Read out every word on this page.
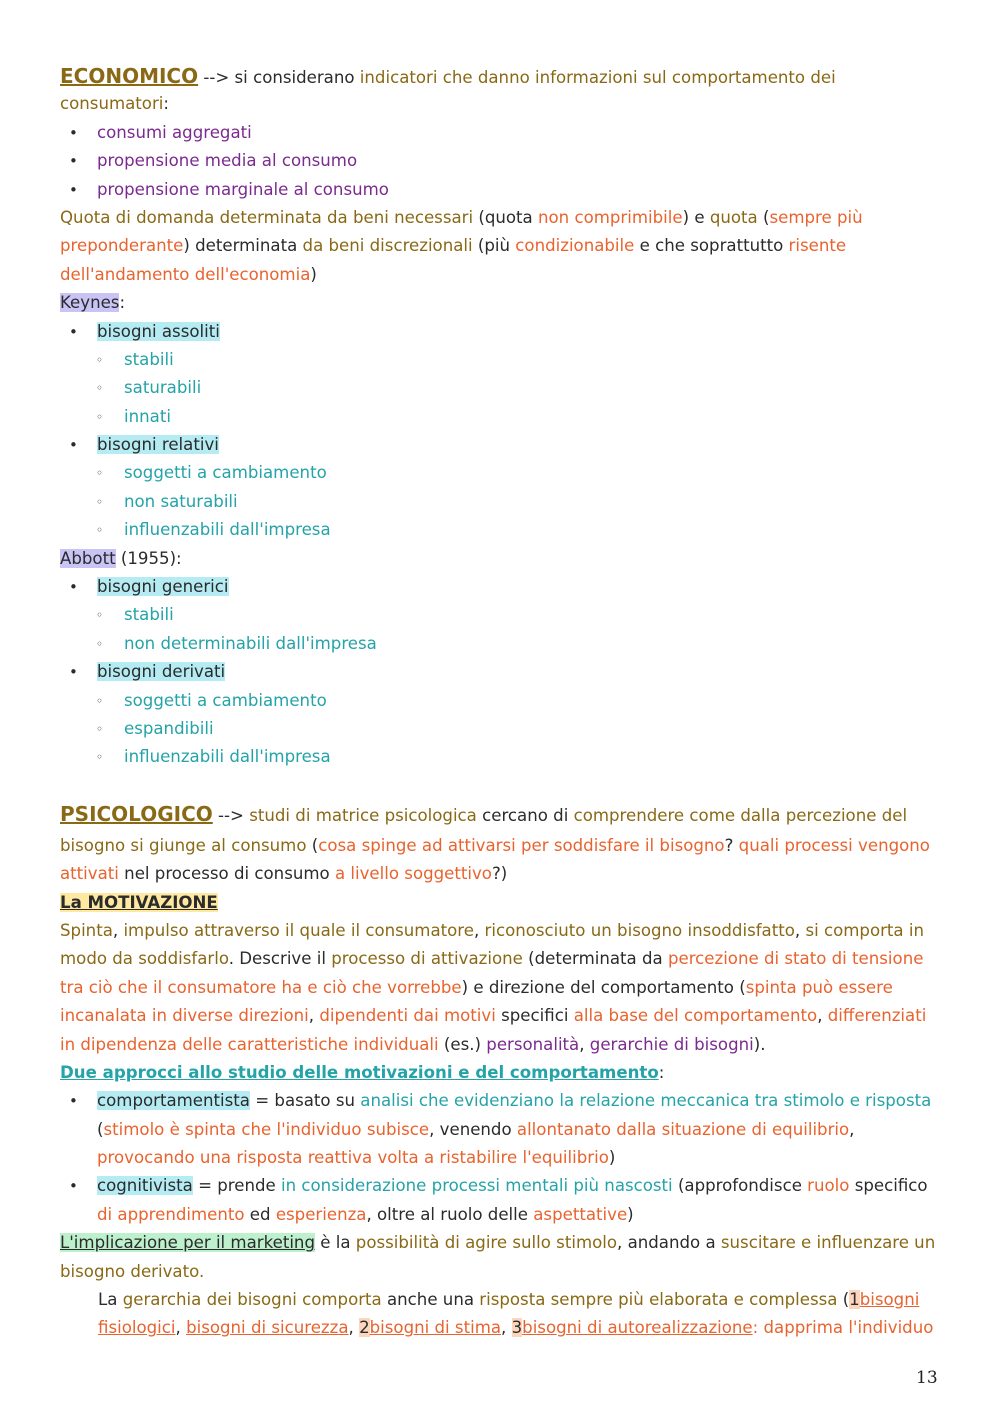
ECONOMICO --> si considerano indicatori che danno informazioni sul comportamento dei
consumatori:
• consumi aggregati
• propensione media al consumo
• propensione marginale al consumo
Quota di domanda determinata da beni necessari (quota non comprimibile) e quota (sempre più
preponderante) determinata da beni discrezionali (più condizionabile e che soprattutto risente
dell'andamento dell'economia)
Keynes:
• bisogni assoliti
◦ stabili
◦ saturabili
◦ innati
• bisogni relativi
◦ soggetti a cambiamento
◦ non saturabili
◦ influenzabili dall'impresa
Abbott (1955):
• bisogni generici
◦ stabili
◦ non determinabili dall'impresa
• bisogni derivati
◦ soggetti a cambiamento
◦ espandibili
◦ influenzabili dall'impresa
PSICOLOGICO --> studi di matrice psicologica cercano di comprendere come dalla percezione del
bisogno si giunge al consumo (cosa spinge ad attivarsi per soddisfare il bisogno? quali processi vengono
attivati nel processo di consumo a livello soggettivo?)
La MOTIVAZIONE
Spinta, impulso attraverso il quale il consumatore, riconosciuto un bisogno insoddisfatto, si comporta in
modo da soddisfarlo. Descrive il processo di attivazione (determinata da percezione di stato di tensione
tra ciò che il consumatore ha e ciò che vorrebbe) e direzione del comportamento (spinta può essere
incanalata in diverse direzioni, dipendenti dai motivi specifici alla base del comportamento, differenziati
in dipendenza delle caratteristiche individuali (es.) personalità, gerarchie di bisogni).
Due approcci allo studio delle motivazioni e del comportamento:
• comportamentista = basato su analisi che evidenziano la relazione meccanica tra stimolo e risposta
(stimolo è spinta che l'individuo subisce, venendo allontanato dalla situazione di equilibrio,
provocando una risposta reattiva volta a ristabilire l'equilibrio)
• cognitivista = prende in considerazione processi mentali più nascosti (approfondisce ruolo specifico
di apprendimento ed esperienza, oltre al ruolo delle aspettative)
L'implicazione per il marketing è la possibilità di agire sullo stimolo, andando a suscitare e influenzare un
bisogno derivato.
La gerarchia dei bisogni comporta anche una risposta sempre più elaborata e complessa (1bisogni
fisiologici, bisogni di sicurezza, 2bisogni di stima, 3bisogni di autorealizzazione: dapprima l'individuo
13
